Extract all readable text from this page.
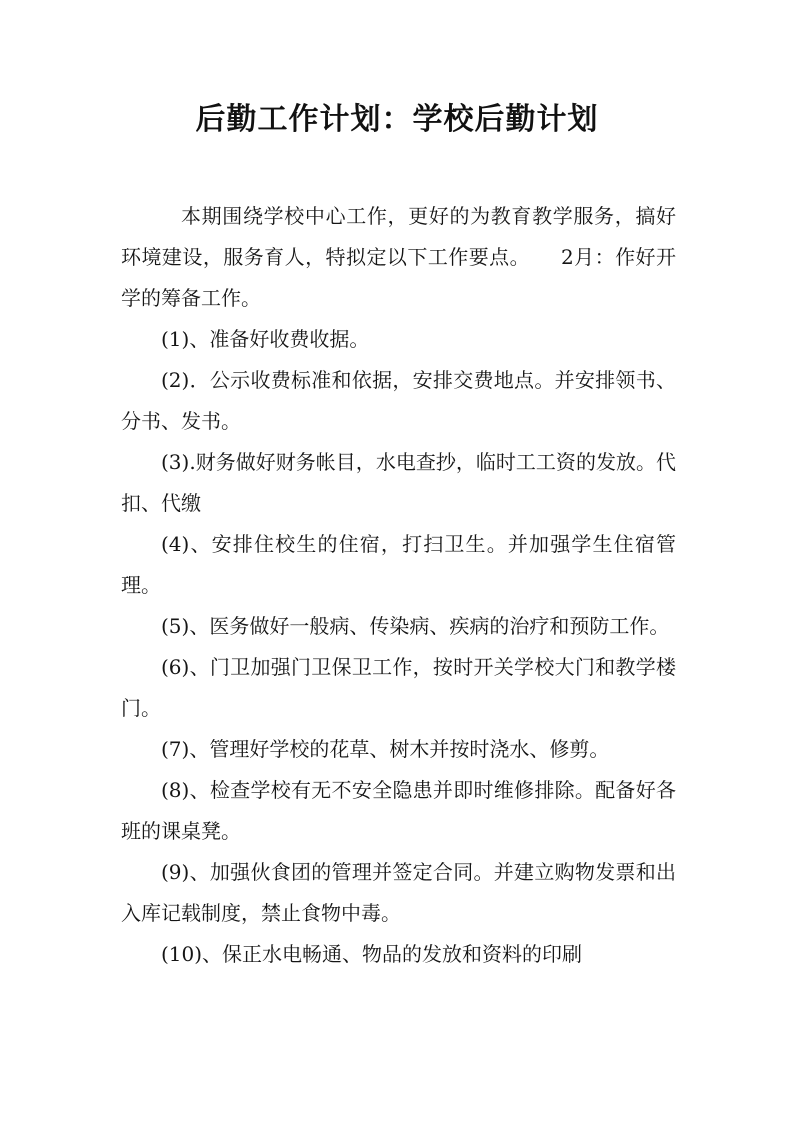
后勤工作计划：学校后勤计划

本期围绕学校中心工作，更好的为教育教学服务，搞好环境建设，服务育人，特拟定以下工作要点。　　2月：作好开学的筹备工作。

(1)、准备好收费收据。

(2)．公示收费标准和依据，安排交费地点。并安排领书、分书、发书。

(3).财务做好财务帐目，水电查抄，临时工工资的发放。代扣、代缴

(4)、安排住校生的住宿，打扫卫生。并加强学生住宿管　理。

(5)、医务做好一般病、传染病、疾病的治疗和预防工作。

(6)、门卫加强门卫保卫工作，按时开关学校大门和教学楼门。

(7)、管理好学校的花草、树木并按时浇水、修剪。

(8)、检查学校有无不安全隐患并即时维修排除。配备好各班的课桌凳。

(9)、加强伙食团的管理并签定合同。并建立购物发票和出入库记载制度，禁止食物中毒。

(10)、保正水电畅通、物品的发放和资料的印刷
